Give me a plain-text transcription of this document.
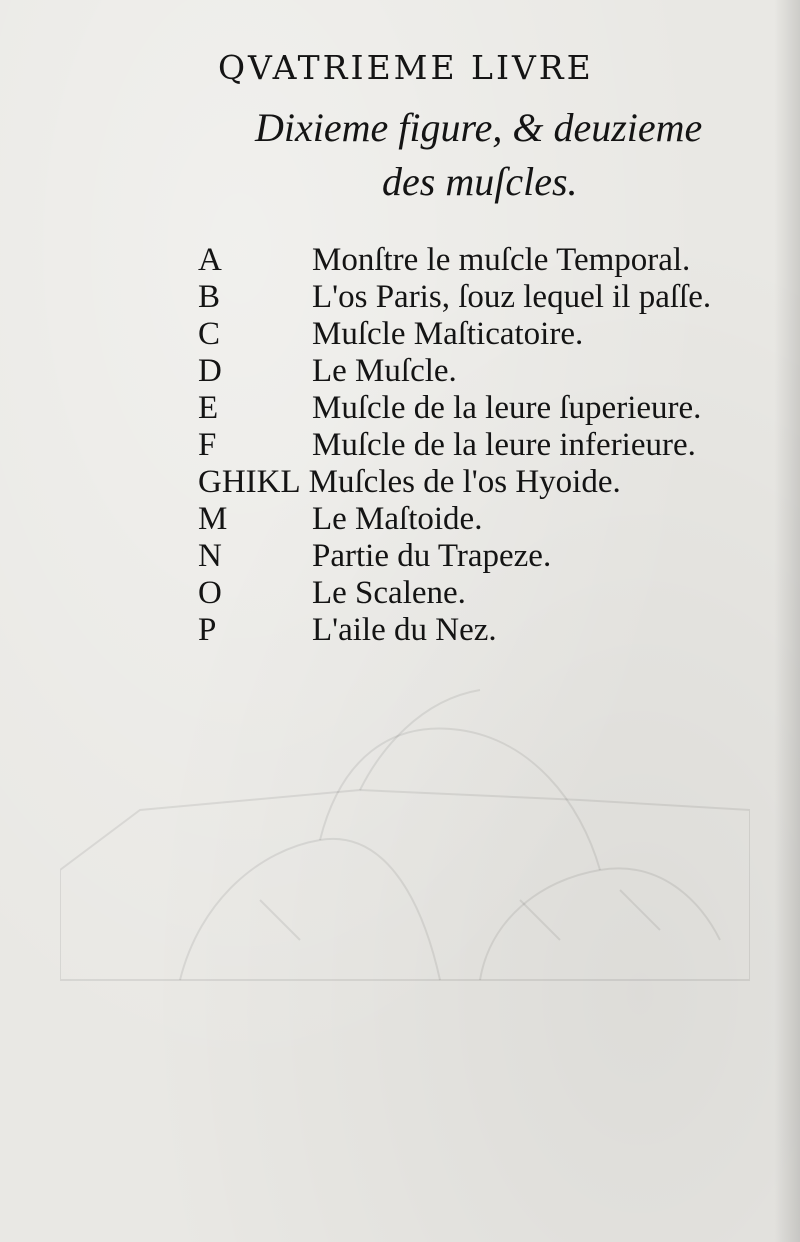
QVATRIEME LIVRE
Dixieme figure, & deuzieme
des muſcles.
A	Monſtre le muſcle Temporal.
B	L'os Paris, ſouz lequel il paſſe.
C	Muſcle Maſticatoire.
D	Le Muſcle.
E	Muſcle de la leure ſuperieure.
F	Muſcle de la leure inferieure.
GHIKL Muſcles de l'os Hyoide.
M	Le Maſtoide.
N	Partie du Trapeze.
O	Le Scalene.
P	L'aile du Nez.
